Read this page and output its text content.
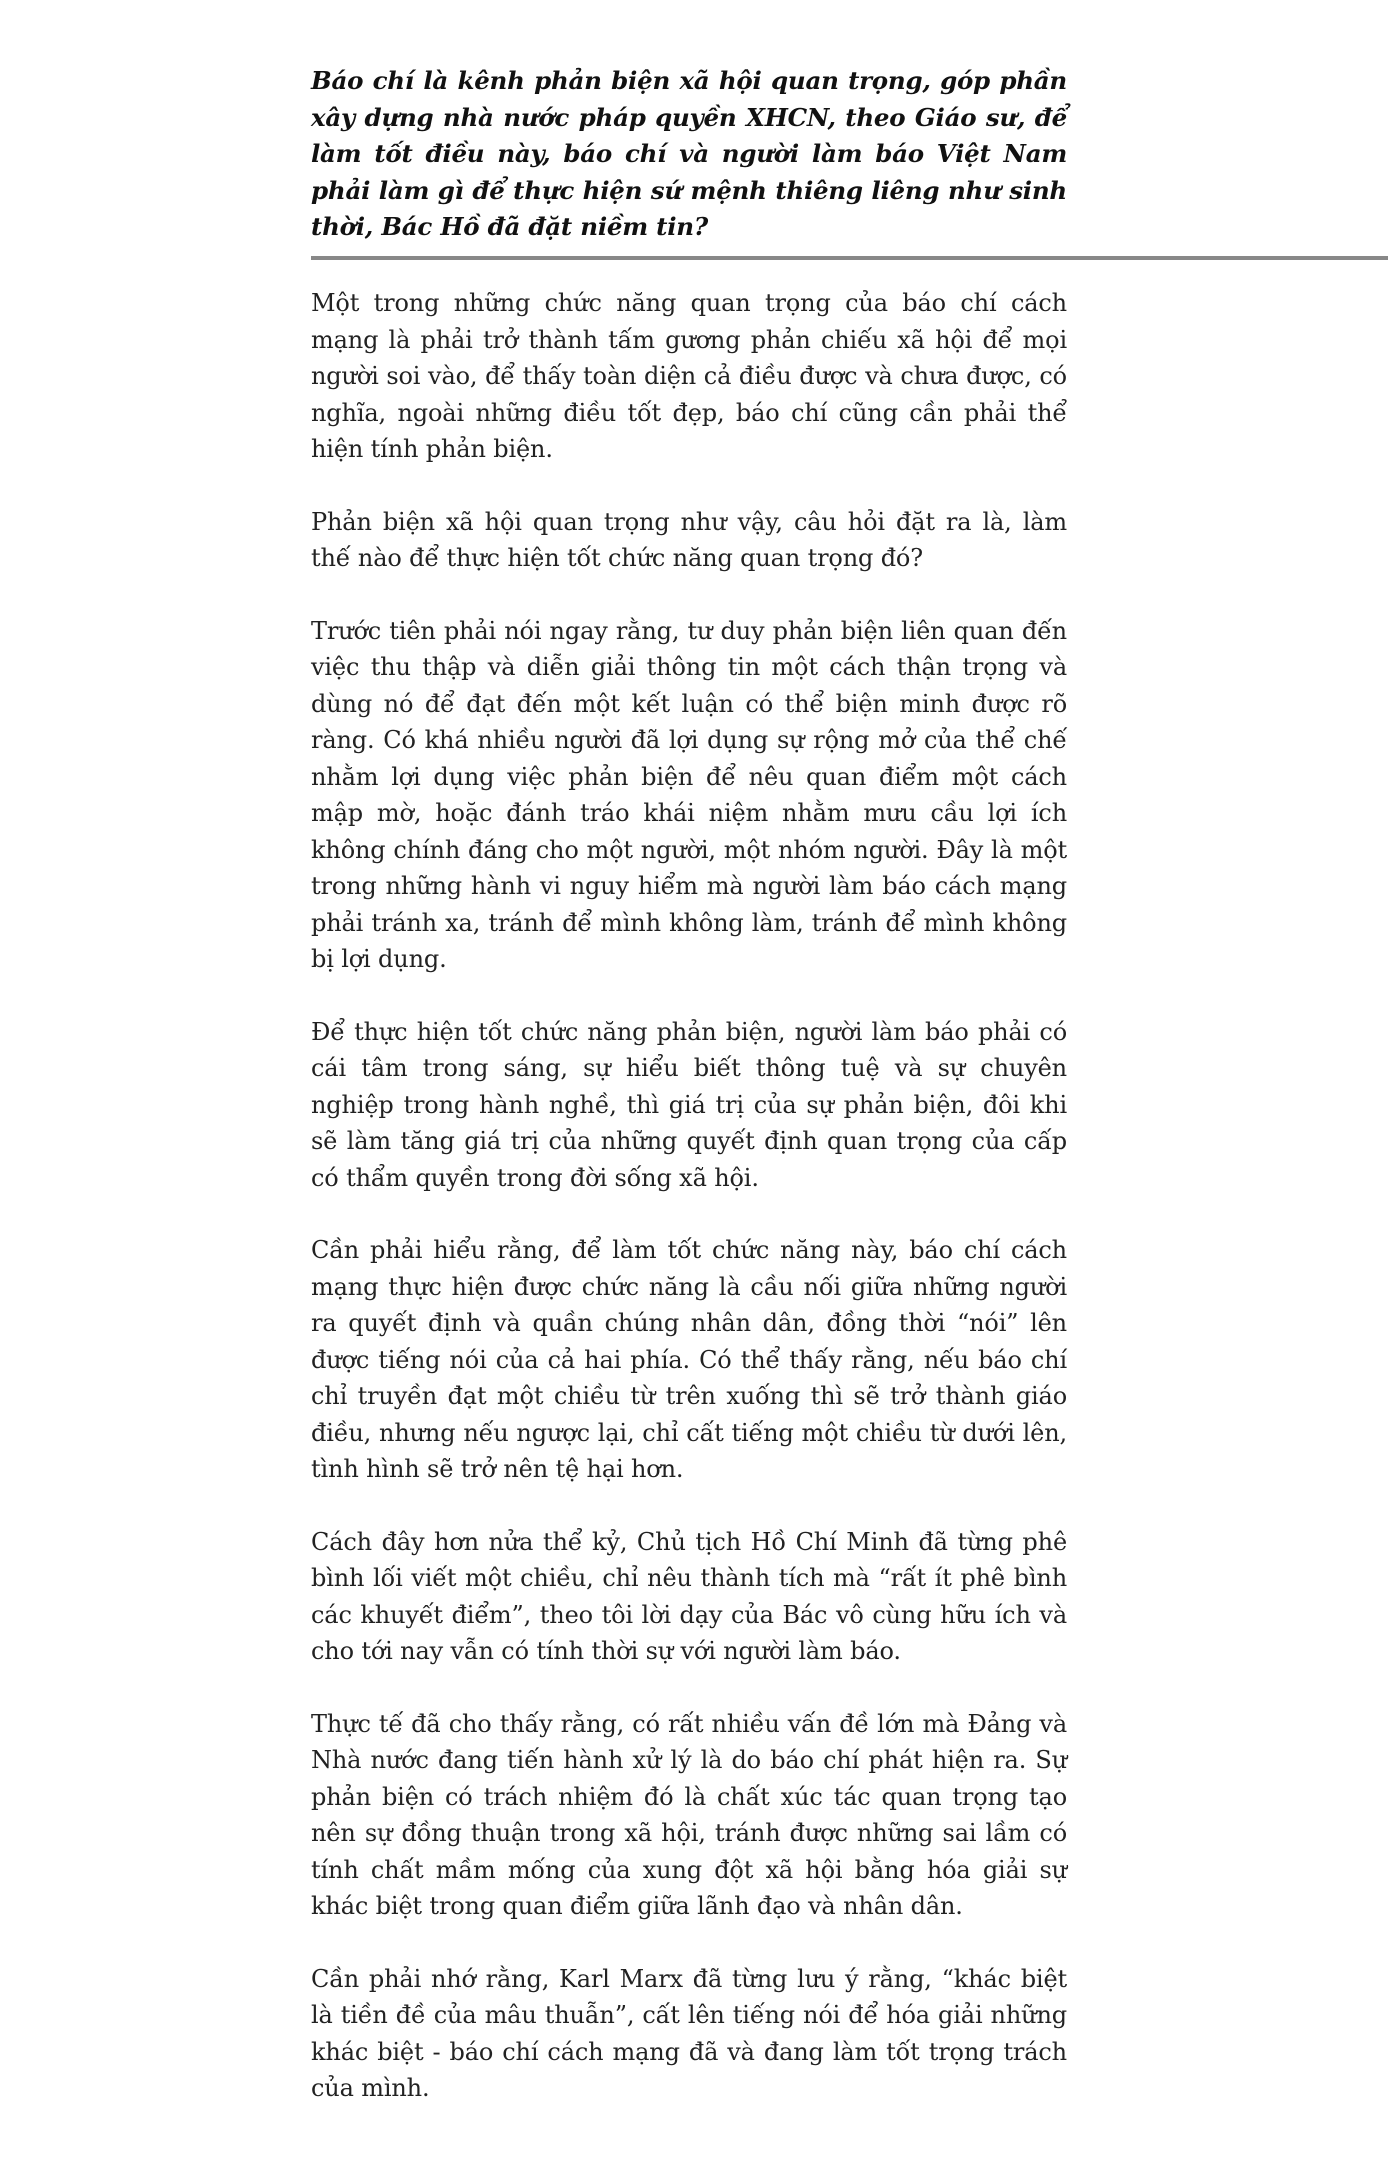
Báo chí là kênh phản biện xã hội quan trọng, góp phần xây dựng nhà nước pháp quyền XHCN, theo Giáo sư, để làm tốt điều này, báo chí và người làm báo Việt Nam phải làm gì để thực hiện sứ mệnh thiêng liêng như sinh thời, Bác Hồ đã đặt niềm tin?

Một trong những chức năng quan trọng của báo chí cách mạng là phải trở thành tấm gương phản chiếu xã hội để mọi người soi vào, để thấy toàn diện cả điều được và chưa được, có nghĩa, ngoài những điều tốt đẹp, báo chí cũng cần phải thể hiện tính phản biện.

Phản biện xã hội quan trọng như vậy, câu hỏi đặt ra là, làm thế nào để thực hiện tốt chức năng quan trọng đó?

Trước tiên phải nói ngay rằng, tư duy phản biện liên quan đến việc thu thập và diễn giải thông tin một cách thận trọng và dùng nó để đạt đến một kết luận có thể biện minh được rõ ràng. Có khá nhiều người đã lợi dụng sự rộng mở của thể chế nhằm lợi dụng việc phản biện để nêu quan điểm một cách mập mờ, hoặc đánh tráo khái niệm nhằm mưu cầu lợi ích không chính đáng cho một người, một nhóm người. Đây là một trong những hành vi nguy hiểm mà người làm báo cách mạng phải tránh xa, tránh để mình không làm, tránh để mình không bị lợi dụng.

Để thực hiện tốt chức năng phản biện, người làm báo phải có cái tâm trong sáng, sự hiểu biết thông tuệ và sự chuyên nghiệp trong hành nghề, thì giá trị của sự phản biện, đôi khi sẽ làm tăng giá trị của những quyết định quan trọng của cấp có thẩm quyền trong đời sống xã hội.

Cần phải hiểu rằng, để làm tốt chức năng này, báo chí cách mạng thực hiện được chức năng là cầu nối giữa những người ra quyết định và quần chúng nhân dân, đồng thời “nói” lên được tiếng nói của cả hai phía. Có thể thấy rằng, nếu báo chí chỉ truyền đạt một chiều từ trên xuống thì sẽ trở thành giáo điều, nhưng nếu ngược lại, chỉ cất tiếng một chiều từ dưới lên, tình hình sẽ trở nên tệ hại hơn.

Cách đây hơn nửa thể kỷ, Chủ tịch Hồ Chí Minh đã từng phê bình lối viết một chiều, chỉ nêu thành tích mà “rất ít phê bình các khuyết điểm”, theo tôi lời dạy của Bác vô cùng hữu ích và cho tới nay vẫn có tính thời sự với người làm báo.

Thực tế đã cho thấy rằng, có rất nhiều vấn đề lớn mà Đảng và Nhà nước đang tiến hành xử lý là do báo chí phát hiện ra. Sự phản biện có trách nhiệm đó là chất xúc tác quan trọng tạo nên sự đồng thuận trong xã hội, tránh được những sai lầm có tính chất mầm mống của xung đột xã hội bằng hóa giải sự khác biệt trong quan điểm giữa lãnh đạo và nhân dân.

Cần phải nhớ rằng, Karl Marx đã từng lưu ý rằng, “khác biệt là tiền đề của mâu thuẫn”, cất lên tiếng nói để hóa giải những khác biệt - báo chí cách mạng đã và đang làm tốt trọng trách của mình.
